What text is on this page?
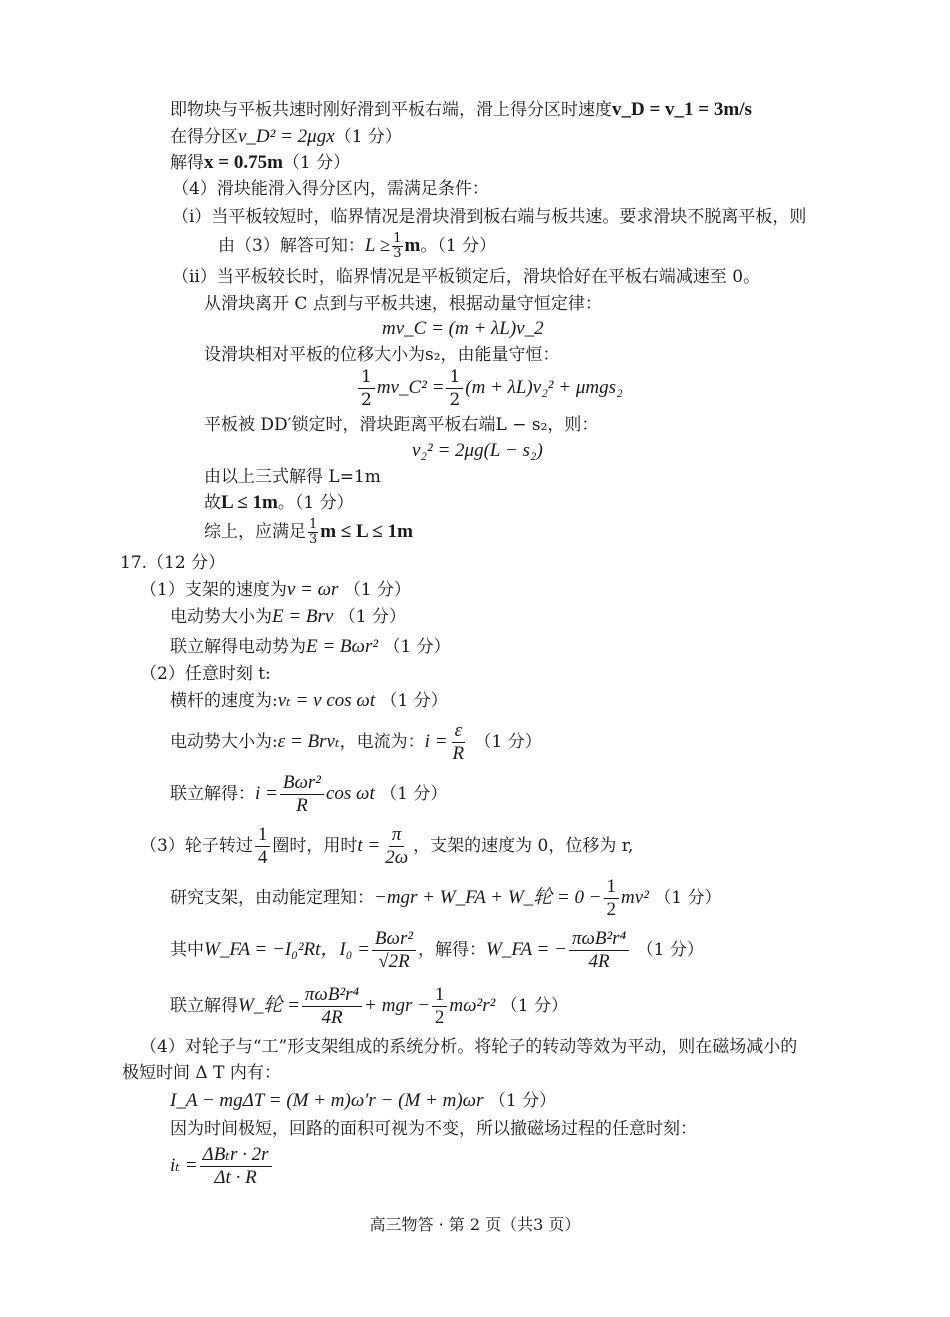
即物块与平板共速时刚好滑到平板右端，滑上得分区时速度v_D = v_1 = 3m/s
在得分区v_D² = 2μgx（1 分）
解得x = 0.75m（1 分）
（4）滑块能滑入得分区内，需满足条件：
（i）当平板较短时，临界情况是滑块滑到板右端与板共速。要求滑块不脱离平板，则
由（3）解答可知：$L \ge \frac{1}{3}$ m。（1 分）
（ii）当平板较长时，临界情况是平板锁定后，滑块恰好在平板右端减速至 0。
从滑块离开 C 点到与平板共速，根据动量守恒定律：
mv_C = (m + λL)v_2
设滑块相对平板的位移大小为s₂，由能量守恒：
$\frac{1}{2}$ mv_C² = $\frac{1}{2} (m + \lambda L)v_2^2 + \mu mgs_2$
平板被 DD′锁定时，滑块距离平板右端L − s₂，则：
v₂² = 2μg(L − s₂)
由以上三式解得 L=1m
故L ≤ 1m。（1 分）
综上，应满足 $\frac{1}{3}$ m ≤ L ≤ 1m
17.（12 分）
（1）支架的速度为v = ωr （1 分）
电动势大小为E = Brv （1 分）
联立解得电动势为E = Bωr² （1 分）
（2）任意时刻 t:
横杆的速度为:vₜ = v cos ωt （1 分）
电动势大小为:ε = Brvₜ，电流为：$i = \frac{\varepsilon}{R} (1$ 分）
联立解得：$i = \frac{\text{Bωr²}}{R}$ cos ωt （1 分）
（3）轮子转过 $\frac{1}{4}$ 圈时，用时$t = \frac{\pi}{2\omega}$ ，支架的速度为 0，位移为 r,
研究支架，由动能定理知：−mgr + W_FA + W_轮 = $0 - \frac{1}{2} mv^2$ （1 分）
其中W_FA = −I₀²Rt，$I_0 = \frac{\text{Bωr²}}{√2R}$ ，解得：W_FA = − $\frac{\text{πωB²r⁴}}{4R} (1$ 分）
联立解得W_轮 = $\frac{\text{πωB²r⁴}}{4R}$ + mgr − $\frac{1}{2} m\omega^2r^2$ （1 分）
（4）对轮子与“工”形支架组成的系统分析。将轮子的转动等效为平动，则在磁场减小的
极短时间 Δ T 内有：
I_A − mgΔT = (M + m)ω′r − (M + m)ωr （1 分）
因为时间极短，回路的面积可视为不变，所以撤磁场过程的任意时刻：
$i_t = \frac{\text{ΔBₜr · 2r}}{\Delta t \cdot R}$
高三物答 · 第 2 页（共3 页）
